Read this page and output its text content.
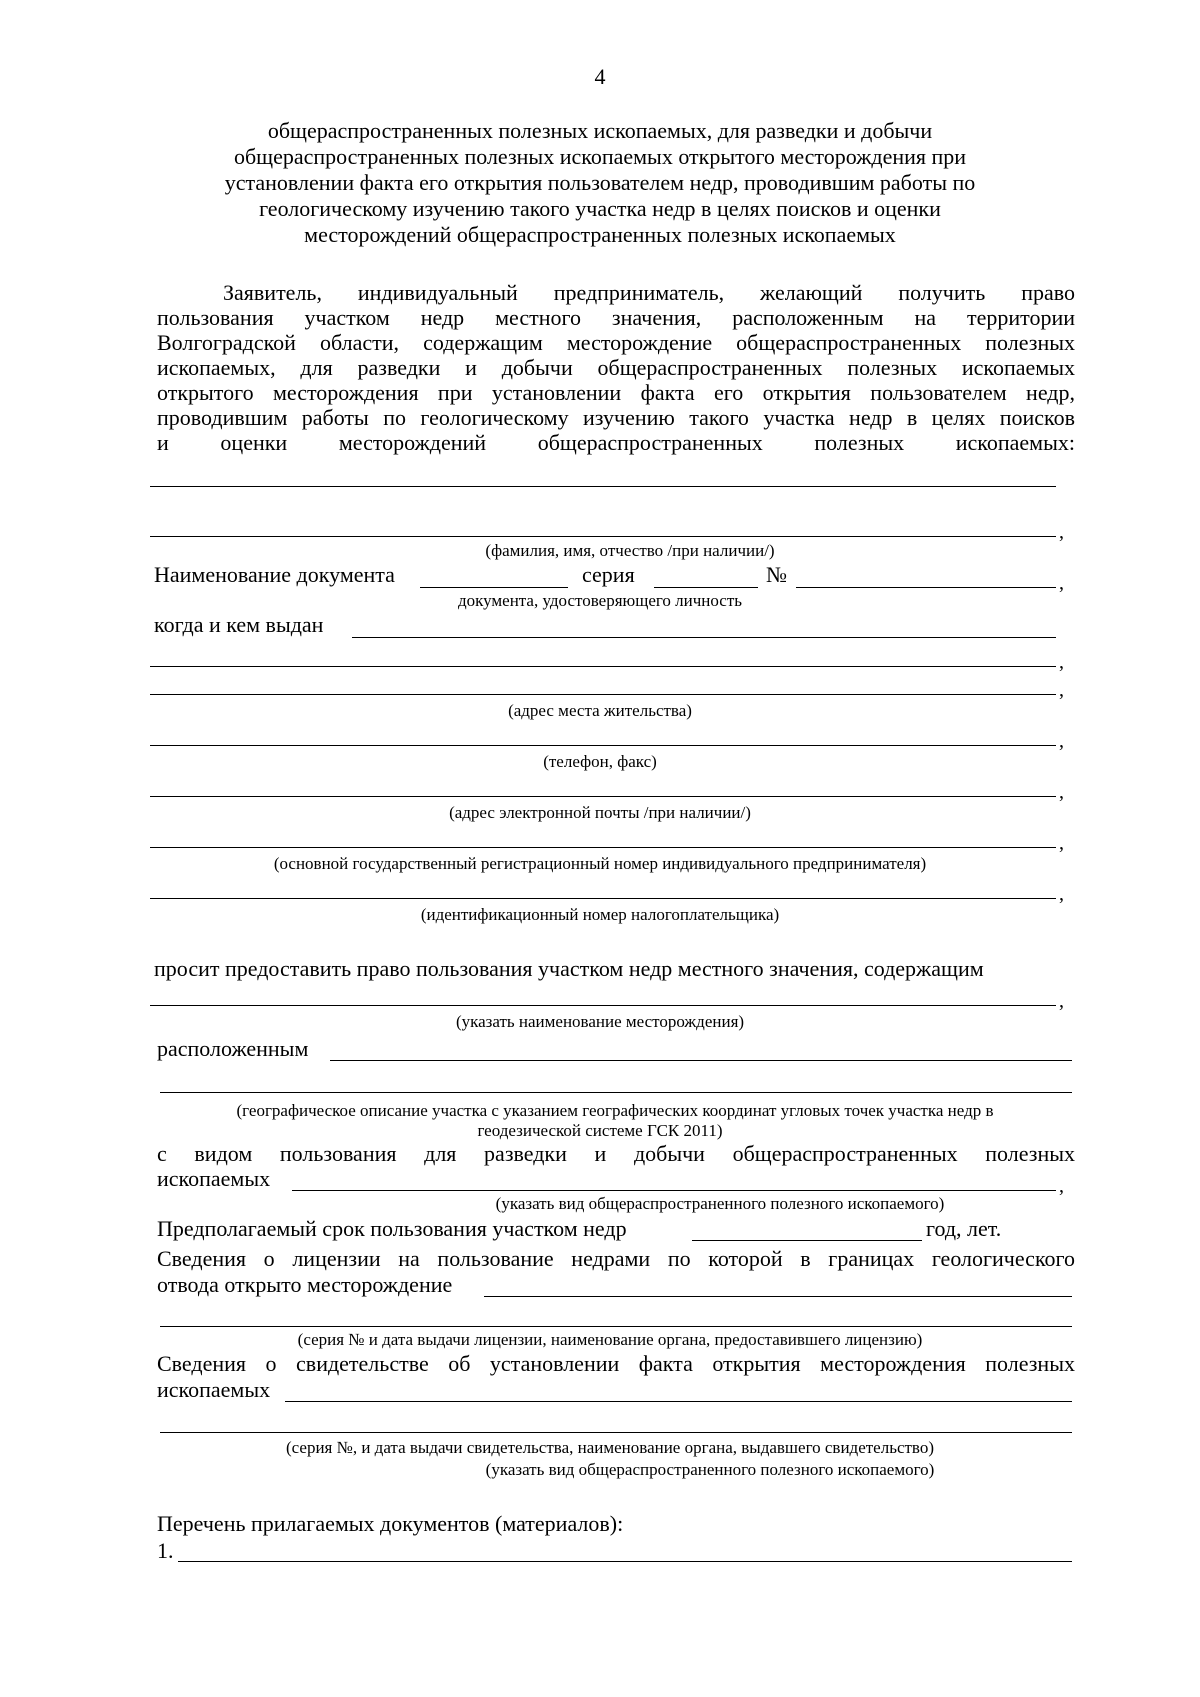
4
общераспространенных полезных ископаемых, для разведки и добычи
общераспространенных полезных ископаемых открытого месторождения при
установлении факта его открытия пользователем недр, проводившим работы по
геологическому изучению такого участка недр в целях поисков и оценки
месторождений общераспространенных полезных ископаемых
Заявитель, индивидуальный предприниматель, желающий получить право
пользования участком недр местного значения, расположенным на территории
Волгоградской области, содержащим месторождение общераспространенных полезных
ископаемых, для разведки и добычи общераспространенных полезных ископаемых
открытого месторождения при установлении факта его открытия пользователем недр,
проводившим работы по геологическому изучению такого участка недр в целях поисков
и оценки месторождений общераспространенных полезных ископаемых:
,
(фамилия, имя, отчество /при наличии/)
Наименование документа	серия	№	,
документа, удостоверяющего личность
когда и кем выдан
,
,
(адрес места жительства)
,
(телефон, факс)
,
(адрес электронной почты /при наличии/)
,
(основной государственный регистрационный номер индивидуального предпринимателя)
,
(идентификационный номер налогоплательщика)
просит предоставить право пользования участком недр местного значения, содержащим
,
(указать наименование месторождения)
расположенным
(географическое описание участка с указанием географических координат угловых точек участка недр в
геодезической системе ГСК 2011)
с видом пользования для разведки и добычи общераспространенных полезных
ископаемых	,
(указать вид общераспространенного полезного ископаемого)
Предполагаемый срок пользования участком недр	год, лет.
Сведения о лицензии на пользование недрами по которой в границах геологического
отвода открыто месторождение
(серия № и дата выдачи лицензии, наименование органа, предоставившего лицензию)
Сведения о свидетельстве об установлении факта открытия месторождения полезных
ископаемых
(серия №, и дата выдачи свидетельства, наименование органа, выдавшего свидетельство)
(указать вид общераспространенного полезного ископаемого)
Перечень прилагаемых документов (материалов):
1.
